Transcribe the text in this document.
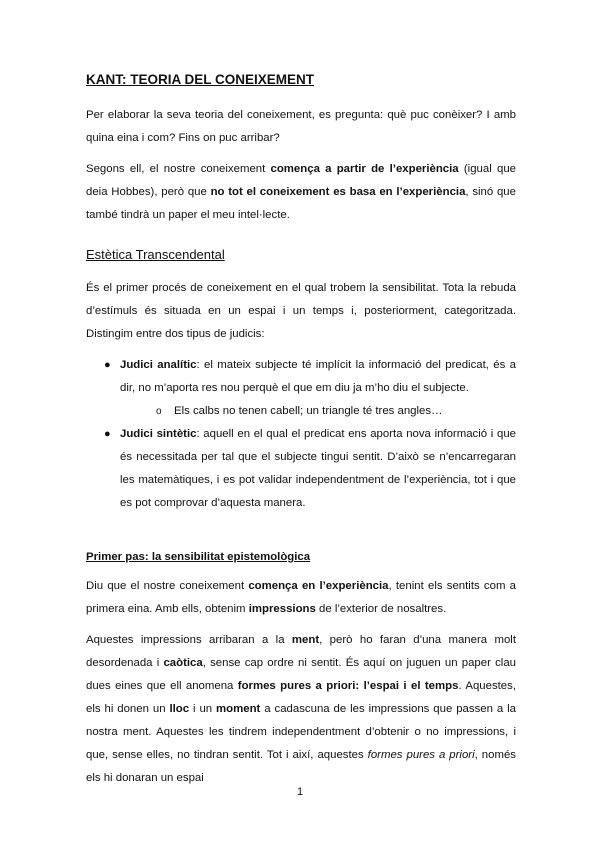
KANT: TEORIA DEL CONEIXEMENT

Per elaborar la seva teoria del coneixement, es pregunta: què puc conèixer? I amb quina eina i com? Fins on puc arribar?

Segons ell, el nostre coneixement comença a partir de l’experiència (igual que deia Hobbes), però que no tot el coneixement es basa en l’experiència, sinó que també tindrà un paper el meu intel·lecte.

Estètica Transcendental

És el primer procés de coneixement en el qual trobem la sensibilitat. Tota la rebuda d’estímuls és situada en un espai i un temps i, posteriorment, categoritzada. Distingim entre dos tipus de judicis:

● Judici analític: el mateix subjecte té implícit la informació del predicat, és a dir, no m’aporta res nou perquè el que em diu ja m’ho diu el subjecte.
o Els calbs no tenen cabell; un triangle té tres angles…
● Judici sintètic: aquell en el qual el predicat ens aporta nova informació i que és necessitada per tal que el subjecte tingui sentit. D’això se n’encarregaran les matemàtiques, i es pot validar independentment de l’experiència, tot i que es pot comprovar d’aquesta manera.
Primer pas: la sensibilitat epistemològica

Diu que el nostre coneixement comença en l’experiència, tenint els sentits com a primera eina. Amb ells, obtenim impressions de l’exterior de nosaltres.

Aquestes impressions arribaran a la ment, però ho faran d’una manera molt desordenada i caòtica, sense cap ordre ni sentit. És aquí on juguen un paper clau dues eines que ell anomena formes pures a priori: l’espai i el temps. Aquestes, els hi donen un lloc i un moment a cadascuna de les impressions que passen a la nostra ment. Aquestes les tindrem independentment d’obtenir o no impressions, i que, sense elles, no tindran sentit. Tot i així, aquestes formes pures a priori, només els hi donaran un espai

1
